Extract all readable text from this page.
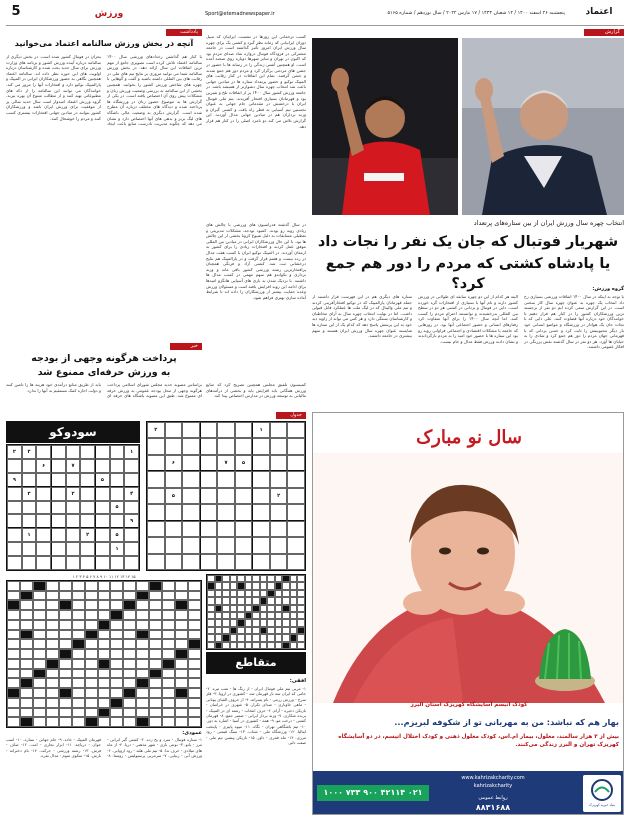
5	ورزش	Sport@etemadnewspaper.ir	پنجشنبه ۲۶ اسفند ۱۴۰۰ / ۱۴ شعبان ۱۴۴۳ / ۱۷ مارس ۲۰۲۲ / سال نوزدهم / شماره ۵۱۶۵	اعتماد
گزارش
کسب ترحمانی این روزها در نشست ایرانیان که تنبیل دوران ایرانیانی که زمانه نظر گیرد و کشتی یک برای چهره سال ورزش ایران امروز تأثیر گذاشته است در جامعه مشترکی در فرودگاه فوتبال دروازه نماد صدای مردم بود که اکنون در تهران و سایر شهرها دوباره روی صحنه آمده است. او همچنین آشتی زندگی را در رسانه ها با حضور در جشن های مردمی برگزار کرد و مردم دور هم جمع شدند و جشن گرفتند. تمام این اتفاقات در کنار رقابت های المپیک توکیو و حضور پرتعداد ستاره ها در میادین جهانی باعث شد انتخاب چهره سال دشوارتر از همیشه باشد. در جامعه ورزش کشور سال ۱۴۰۰ پر از اتفاقات تلخ و شیرین بود و قهرمانان بسیاری افتخار آفریدند. تیم ملی فوتبال ایران با درخشش در مقدماتی جام جهانی به عنوان نخستین تیم آسیایی به قطر راه یافت و کشتی گیران و وزنه برداران هم در میادین جهانی مدال آوردند. این گزارش تلاش می کند دو نامزد اصلی را در کنار هم قرار دهد.
انتخاب چهره سال ورزش ایران از بین ستاره‌های پرتعداد
شهریار فوتبال که جان یک نفر را نجات داد
یا پادشاه کشتی که مردم را دور هم جمع کرد؟	گروه ورزش:
با توجه به اینکه در سال ۱۴۰۰ اتفاقات ورزشی بسیاری رخ داد انتخاب یک چهره به عنوان چهره سال کار سختی است. در این گزارش سعی کرده ایم دو نفر از برجسته ترین ورزشکاران کشور را در کنار هم قرار دهیم تا خوانندگان خود درباره آنها قضاوت کنند. علی دایی که با نجات جان یک هوادار در ورزشگاه و مواضع انسانی خود بار دیگر محبوبیتش را ثابت کرد و حسن یزدانی که با قهرمانی جهان مردم را دور هم جمع کرد و شادی را به خیابان ها آورد. هر دو نفر در سال گذشته نقش پررنگی در افکار عمومی داشتند.
البته هر کدام از این دو چهره سابقه ای طولانی در ورزش کشور دارند و نام آنها با بسیاری از افتخارات گره خورده است. دایی در فوتبال و یزدانی در کشتی هر دو در سطح بین المللی بدرخشیدند و توانستند احترام مردم را کسب کنند. اما آنچه سال ۱۴۰۰ را برای آنها متفاوت کرد رفتارهای انسانی و حضور اجتماعی آنها بود. در روزهایی که جامعه با مشکلات اقتصادی و اجتماعی فراوانی روبه رو بود این ستاره ها با حضور خود امید را به مردم بازگرداندند و نشان دادند ورزش فقط مدال و جام نیست.
ستاره های دیگری هم در این فهرست قرار داشتند از جمله قهرمانان پارالمپیک که در توکیو افتخارآفرینی کردند و تیم ملی والیبال که در لیگ ملت ها عملکرد قابل قبولی داشت. اما در نهایت انتخاب چهره سال به آرای مخاطبان و کارشناسان بستگی دارد و هر کس می تواند از زاویه دید خود به این پرسش پاسخ دهد که کدام یک از این ستاره ها شایسته عنوان چهره سال ورزش ایران هستند و سهم بیشتری در جامعه داشتند.
در سال گذشته فدراسیون های ورزشی با چالش های زیادی روبه رو بودند. کمبود بودجه، مشکلات مدیریتی و تعطیلی مسابقات به دلیل شیوع کرونا بخشی از این چالش ها بود. با این حال ورزشکاران ایرانی در میادین بین المللی موفق عمل کردند و افتخارات زیادی را برای کشور به ارمغان آوردند. در المپیک توکیو ایران با کسب هفت مدال در رده بیست و هفتم قرار گرفت و در پارالمپیک هم نتایج درخشانی ثبت شد. کشتی آزاد و فرنگی همچنان پرافتخارترین رشته ورزشی کشور باقی ماند و وزنه برداری و تکواندو هم سهم مهمی در کسب مدال ها داشتند. با نزدیک شدن به بازی های آسیایی هانگژو امیدها برای ادامه این روند افزایش یافته است و مسئولان ورزش وعده حمایت بیشتر از ورزشکاران را داده اند تا شرایط آماده سازی بهتری فراهم شود.
یادداشت
آنچه در بخش ورزش سالنامه اعتماد می‌خوانید
با کنار هم گذاشتن رخدادهای ورزشی سال ۱۴۰۰ سالنامه اعتماد تلاش کرده است تصویری جامع از مهم ترین اتفاقات این سال ارائه دهد. در بخش ورزش سالنامه شما می توانید مروری بر نتایج تیم های ملی در رقابت های بین المللی داشته باشید و گفت و گوهایی با چهره های شاخص ورزش کشور را بخوانید. همچنین بخشی از این سالنامه به بررسی وضعیت ورزش زنان و مشکلات پیش روی آن اختصاص یافته است. در یکی از گزارش ها به موضوع حضور زنان در ورزشگاه ها پرداخته شده و دیدگاه های مختلف درباره آن مطرح شده است. گزارش دیگری به وضعیت مالی باشگاه های لیگ برتر و بدهی های آنها اختصاص دارد و نشان می دهد که چگونه مدیریت نادرست منابع باعث ایجاد بحران در فوتبال کشور شده است. در بخش دیگری از سالنامه درباره آینده ورزش کشور و برنامه های وزارت ورزش برای سال جدید بحث شده و کارشناسان درباره اولویت های این حوزه نظر داده اند. سالنامه اعتماد همچنین نگاهی به حضور ورزشکاران ایرانی در المپیک و پارالمپیک توکیو دارد و افتخارات آنها را مرور می کند. خوانندگان می توانند این سالنامه را از دکه های مطبوعاتی تهیه کنند و از مطالب متنوع آن بهره ببرند. گروه ورزش اعتماد امیدوار است سال جدید سالی پر از موفقیت برای ورزش ایران باشد و ورزشکاران کشور بتوانند در میادین جهانی افتخارات بیشتری کسب کنند و مردم را خوشحال کنند.
خبر
پرداخت هرگونه وجهی از بودجه
به ورزش حرفه‌ای ممنوع شد
براساس مصوبه جدید مجلس شورای اسلامی پرداخت هرگونه وجهی از محل بودجه عمومی به ورزش حرفه ای ممنوع شد. طبق این مصوبه باشگاه های حرفه ای باید از طریق منابع درآمدی خود هزینه ها را تامین کنند و دولت اجازه کمک مستقیم به آنها را ندارد.
کمیسیون تلفیق مجلس همچنین تصریح کرد که منابع ورزش همگانی باید افزایش یابد و بخشی از درآمدهای مالیاتی به توسعه ورزش در مدارس اختصاص پیدا کند.
جدول
۱
۲
۵
۷
۶
۲
۵
سودوکو
۱
۲
۲
۷
۶
۵
۹
۴
۲
۳
۵
۹
۵
۲
۱
۱
متقاطع
۱۵ ۱۴ ۱۳ ۱۲ ۱۱ ۱۰ ۹ ۸ ۷ ۶ ۵ ۴ ۳ ۲ ۱
افقی:
۱- مربی تیم ملی فوتبال ایران - از رنگ ها - شب تیره. ۲- جامی که ایران سه بار قهرمان شد - کشوری در اروپا. ۳- فلز سرخ - ورزش رزمی - نام پسرانه. ۴- از حروف الفبای یونانی - ماهی خاویاری - صدای تکرار. ۵- شهری در خراسان - بازیکن ذخیره - آرام. ۶- حرف انتخاب - رشته ای در المپیک - پرنده شکاری. ۷- وزنه بردار ایرانی - ضمیر جمع. ۸- قهرمان کشتی - درخت مو. ۹- همه - کشوری در آسیا - اشاره به دور. ۱۰- تیم باشگاهی تهران - نگاه. ۱۱- میوه پاییزی - پایتخت ایتالیا. ۱۲- ورزشگاه ملی - شتاب. ۱۳- سنگ قیمتی - رود مرزی. ۱۴- ماه قمری - داور. ۱۵- بازیکن پیشین تیم ملی - صفت دلیر.
عمودی:
۱- ستاره فوتبال - سرد و یخ زده. ۲- کشتی گیر ایرانی - مرز - بانو. ۳- نوعی بازی - شهر مذهبی - دریا. ۴- از ماه های میلادی - حرف ندا. ۵- تیم ملی هلند - رود اروپایی. ۶- ورزش آبی - زیبایی. ۷- سرمربی پرسپولیس - روستا. ۸- قهرمان المپیک - جاده. ۹- جام جهانی - ستاره. ۱۰- اسب جوان - دریاچه. ۱۱- ابزار نجاری - امت. ۱۲- صاف - فرش. ۱۳- رشته ورزشی - حرکت. ۱۴- نام دخترانه - بارش. ۱۵- سکوی سوم - مدال نقره.
سال نو مبارک
کودک انیسم آسایشگاه کهریزک استان البرز
بهار هم که نباشد: من به مهربانی تو از شکوفه لبریزم...
بیش از ۳ هزار سالمند، معلول، بیمار ام.اس، کودک معلول ذهنی و کودک اختلال اتیسم، در دو آسایشگاه کهریزک تهران و البرز زندگی می‌کنند.
بنیاد خیریه کهریزک
www.kahrizakcharity.com
kahrizakcharity
روابط عمومی
۸۸۳۱۶۸۸
۰۲۱ ۴۲۱۱۴ ۹۰۰ ۷۳۳ ۱۰۰۰
